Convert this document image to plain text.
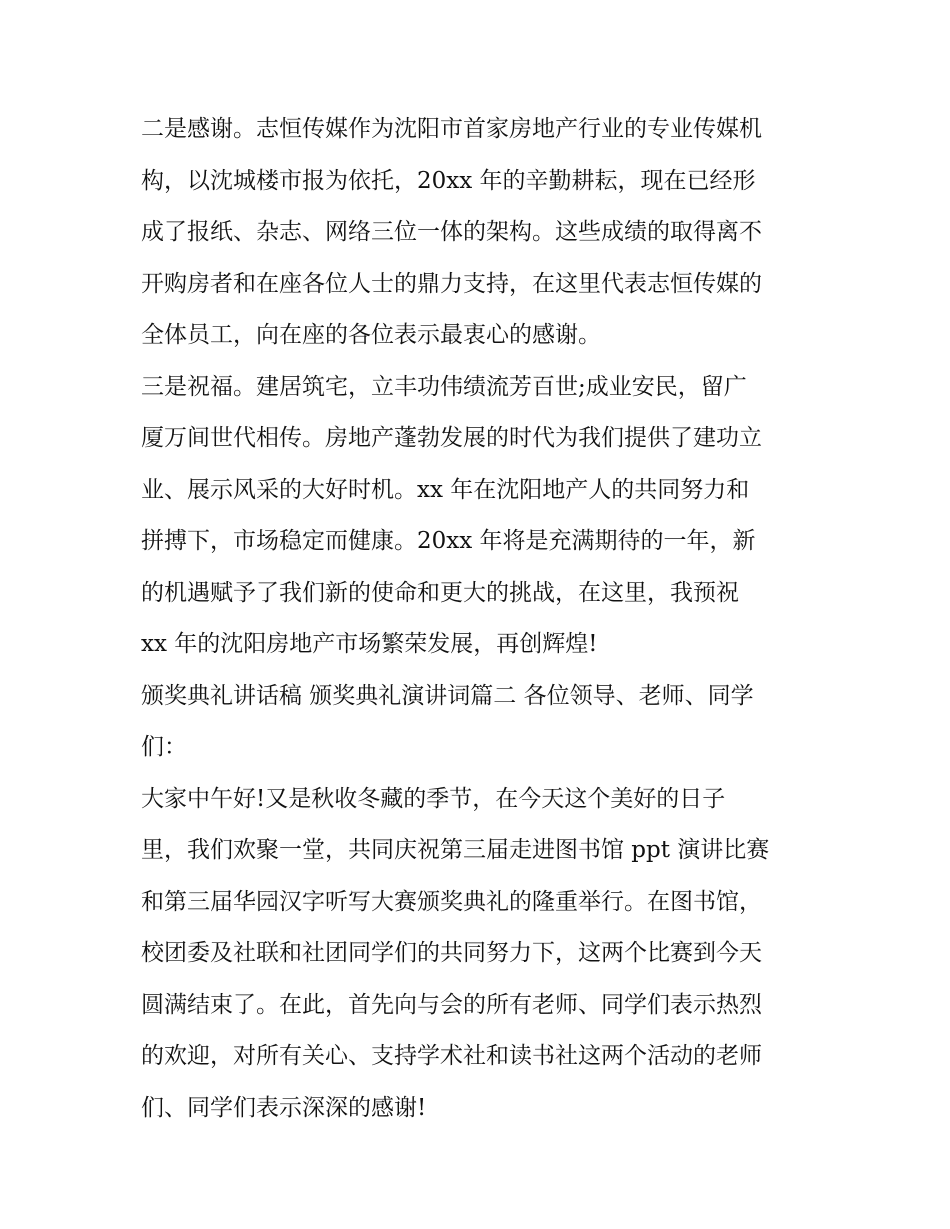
二是感谢。志恒传媒作为沈阳市首家房地产行业的专业传媒机
构，以沈城楼市报为依托，20xx 年的辛勤耕耘，现在已经形
成了报纸、杂志、网络三位一体的架构。这些成绩的取得离不
开购房者和在座各位人士的鼎力支持，在这里代表志恒传媒的
全体员工，向在座的各位表示最衷心的感谢。
三是祝福。建居筑宅，立丰功伟绩流芳百世;成业安民，留广
厦万间世代相传。房地产蓬勃发展的时代为我们提供了建功立
业、展示风采的大好时机。xx 年在沈阳地产人的共同努力和
拼搏下，市场稳定而健康。20xx 年将是充满期待的一年，新
的机遇赋予了我们新的使命和更大的挑战，在这里，我预祝
xx 年的沈阳房地产市场繁荣发展，再创辉煌!
颁奖典礼讲话稿 颁奖典礼演讲词篇二 各位领导、老师、同学
们：
大家中午好!又是秋收冬藏的季节，在今天这个美好的日子
里，我们欢聚一堂，共同庆祝第三届走进图书馆 ppt 演讲比赛
和第三届华园汉字听写大赛颁奖典礼的隆重举行。在图书馆，
校团委及社联和社团同学们的共同努力下，这两个比赛到今天
圆满结束了。在此，首先向与会的所有老师、同学们表示热烈
的欢迎，对所有关心、支持学术社和读书社这两个活动的老师
们、同学们表示深深的感谢!
